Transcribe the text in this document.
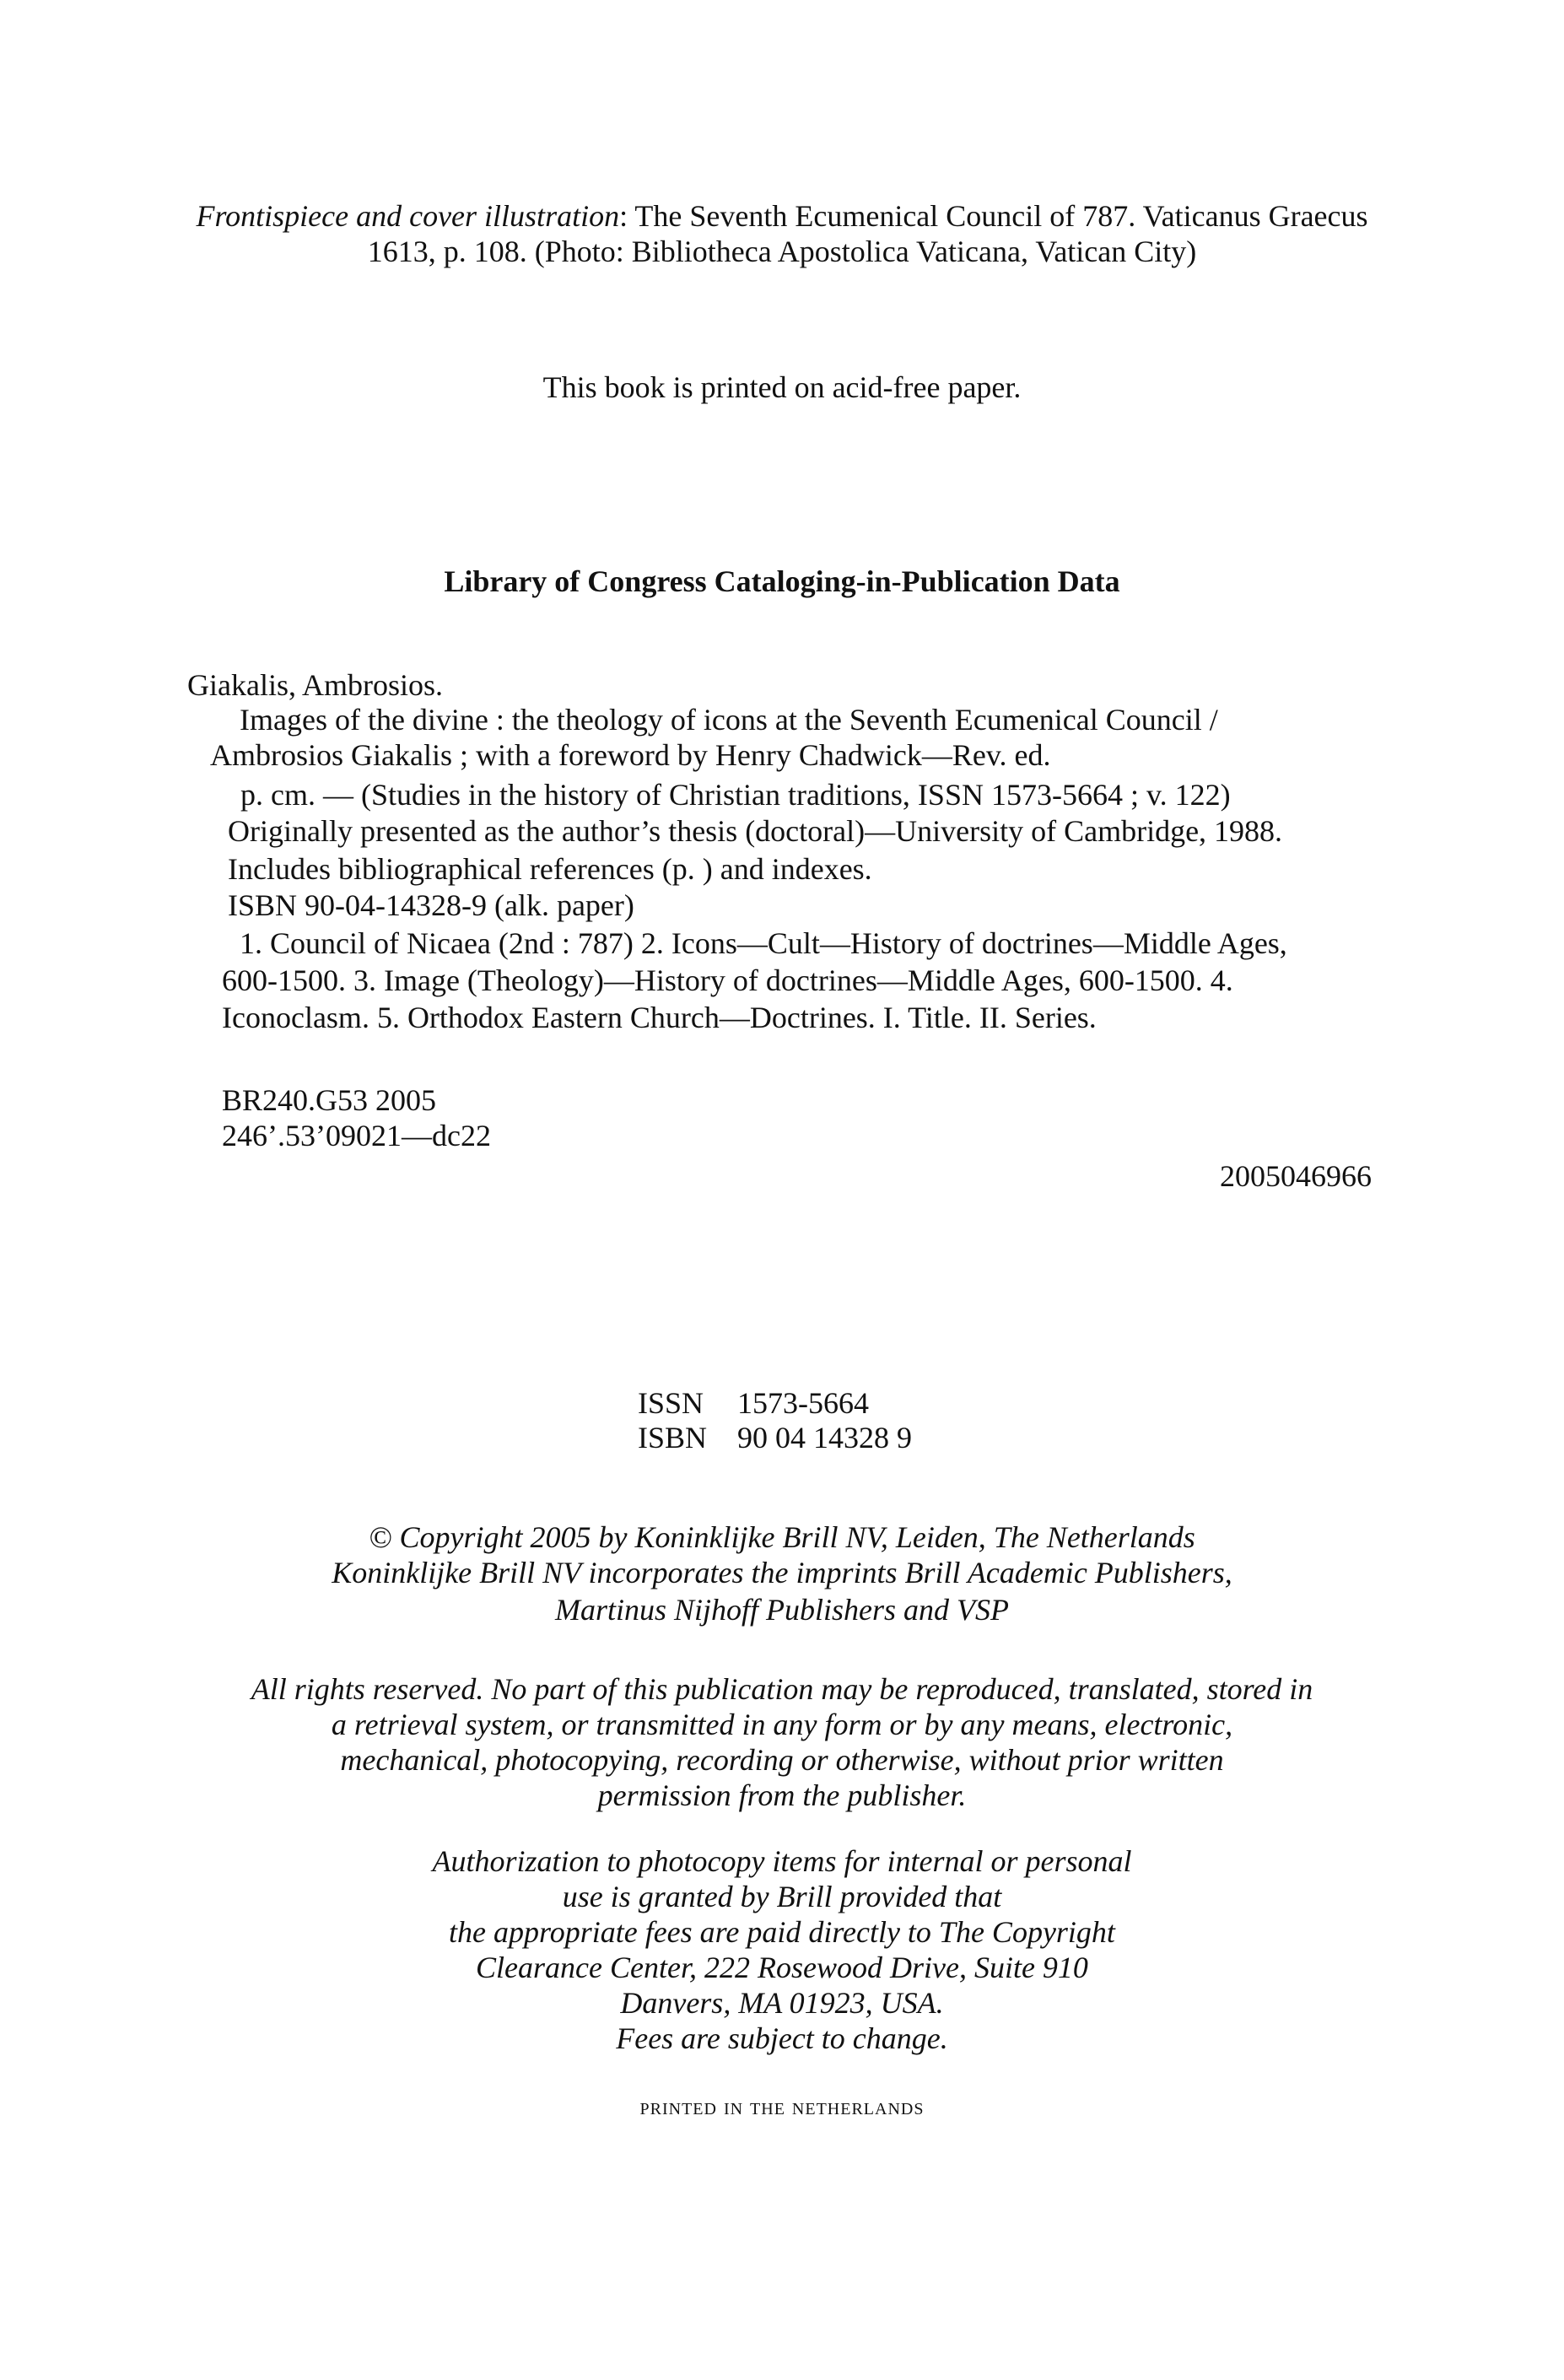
Frontispiece and cover illustration: The Seventh Ecumenical Council of 787. Vaticanus Graecus
1613, p. 108. (Photo: Bibliotheca Apostolica Vaticana, Vatican City)
This book is printed on acid-free paper.
Library of Congress Cataloging-in-Publication Data
Giakalis, Ambrosios.
Images of the divine : the theology of icons at the Seventh Ecumenical Council /
Ambrosios Giakalis ; with a foreword by Henry Chadwick—Rev. ed.
p. cm. — (Studies in the history of Christian traditions, ISSN 1573-5664 ; v. 122)
Originally presented as the author’s thesis (doctoral)—University of Cambridge, 1988.
Includes bibliographical references (p. ) and indexes.
ISBN 90-04-14328-9 (alk. paper)
1. Council of Nicaea (2nd : 787) 2. Icons—Cult—History of doctrines—Middle Ages,
600-1500. 3. Image (Theology)—History of doctrines—Middle Ages, 600-1500. 4.
Iconoclasm. 5. Orthodox Eastern Church—Doctrines. I. Title. II. Series.
BR240.G53 2005
246’.53’09021—dc22
2005046966
ISSN 1573-5664
ISBN 90 04 14328 9
© Copyright 2005 by Koninklijke Brill NV, Leiden, The Netherlands
Koninklijke Brill NV incorporates the imprints Brill Academic Publishers,
Martinus Nijhoff Publishers and VSP
All rights reserved. No part of this publication may be reproduced, translated, stored in
a retrieval system, or transmitted in any form or by any means, electronic,
mechanical, photocopying, recording or otherwise, without prior written
permission from the publisher.
Authorization to photocopy items for internal or personal
use is granted by Brill provided that
the appropriate fees are paid directly to The Copyright
Clearance Center, 222 Rosewood Drive, Suite 910
Danvers, MA 01923, USA.
Fees are subject to change.
printed in the netherlands
